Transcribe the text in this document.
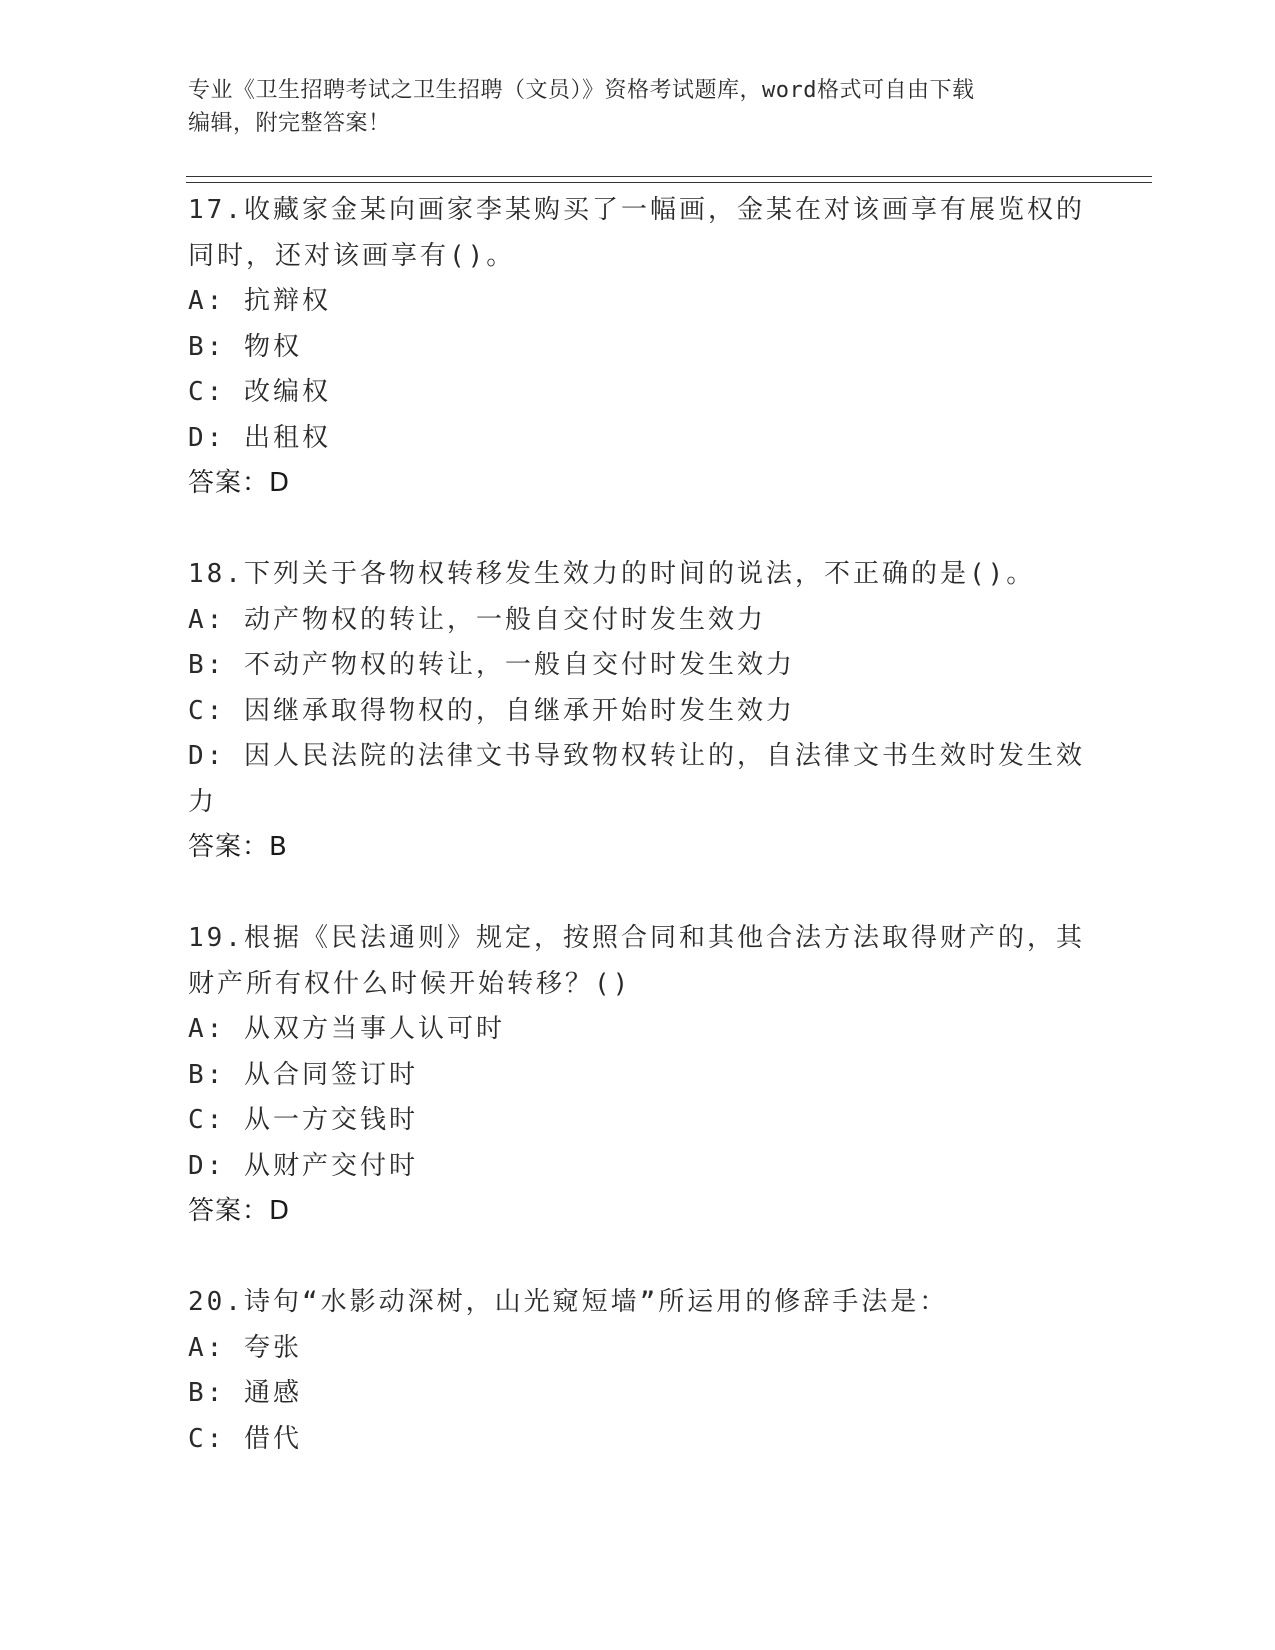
专业《卫生招聘考试之卫生招聘（文员）》资格考试题库，word格式可自由下载
编辑，附完整答案！

17.收藏家金某向画家李某购买了一幅画，金某在对该画享有展览权的同时，还对该画享有()。

A: 抗辩权

B: 物权

C: 改编权

D: 出租权

答案：D

18.下列关于各物权转移发生效力的时间的说法，不正确的是()。

A: 动产物权的转让，一般自交付时发生效力

B: 不动产物权的转让，一般自交付时发生效力

C: 因继承取得物权的，自继承开始时发生效力

D: 因人民法院的法律文书导致物权转让的，自法律文书生效时发生效力

答案：B

19.根据《民法通则》规定，按照合同和其他合法方法取得财产的，其财产所有权什么时候开始转移？()

A: 从双方当事人认可时

B: 从合同签订时

C: 从一方交钱时

D: 从财产交付时

答案：D

20.诗句“水影动深树，山光窥短墙”所运用的修辞手法是：

A: 夸张

B: 通感

C: 借代
